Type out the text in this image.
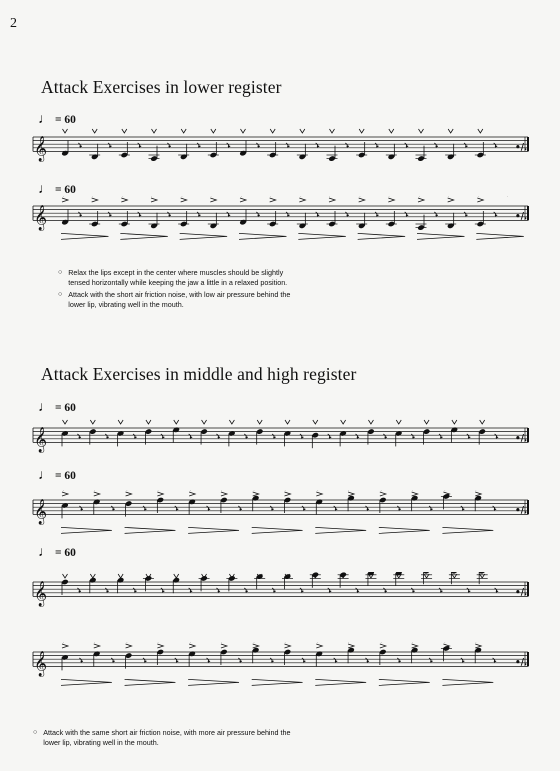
2
Attack Exercises in lower register
♩ = 60
𝄞	•/.
♩ = 60
𝄞	•/.
○ Relax the lips except in the center where muscles should be slightly tensed horizontally while keeping the jaw a little in a relaxed position.
○ Attack with the short air friction noise, with low air pressure behind the lower lip, vibrating well in the mouth.
Attack Exercises in middle and high register
♩ = 60
𝄞	•/.
♩ = 60
𝄞	•/.
♩ = 60
𝄞	•/.
𝄞	•/.
○ Attack with the same short air friction noise, with more air pressure behind the lower lip, vibrating well in the mouth.
